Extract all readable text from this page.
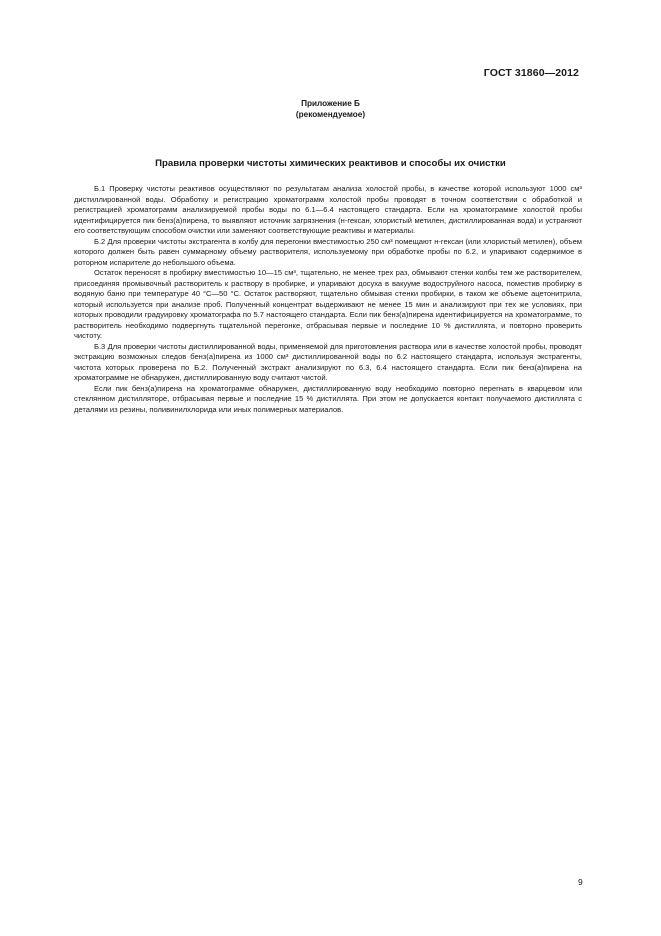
ГОСТ 31860—2012
Приложение Б
(рекомендуемое)
Правила проверки чистоты химических реактивов и способы их очистки

Б.1 Проверку чистоты реактивов осуществляют по результатам анализа холостой пробы, в качестве которой используют 1000 см³ дистиллированной воды. Обработку и регистрацию хроматограмм холостой пробы проводят в точном соответствии с обработкой и регистрацией хроматограмм анализируемой пробы воды по 6.1—6.4 настоящего стандарта. Если на хроматограмме холостой пробы идентифицируется пик бенз(а)пирена, то выявляют источник загрязнения (н-гексан, хлористый метилен, дистиллированная вода) и устраняют его соответствующим способом очистки или заменяют соответствующие реактивы и материалы.

Б.2 Для проверки чистоты экстрагента в колбу для перегонки вместимостью 250 см³ помещают н-гексан (или хлористый метилен), объем которого должен быть равен суммарному объему растворителя, используемому при обработке пробы по 6.2, и упаривают содержимое в роторном испарителе до небольшого объема.

Остаток переносят в пробирку вместимостью 10—15 см³, тщательно, не менее трех раз, обмывают стенки колбы тем же растворителем, присоединяя промывочный растворитель к раствору в пробирке, и упаривают досуха в вакууме водоструйного насоса, поместив пробирку в водяную баню при температуре 40 °С—50 °С. Остаток растворяют, тщательно обмывая стенки пробирки, в таком же объеме ацетонитрила, который используется при анализе проб. Полученный концентрат выдерживают не менее 15 мин и анализируют при тех же условиях, при которых проводили градуировку хроматографа по 5.7 настоящего стандарта. Если пик бенз(а)пирена идентифицируется на хроматограмме, то растворитель необходимо подвергнуть тщательной перегонке, отбрасывая первые и последние 10 % дистиллята, и повторно проверить чистоту.

Б.3 Для проверки чистоты дистиллированной воды, применяемой для приготовления раствора или в качестве холостой пробы, проводят экстракцию возможных следов бенз(а)пирена из 1000 см³ дистиллированной воды по 6.2 настоящего стандарта, используя экстрагенты, чистота которых проверена по Б.2. Полученный экстракт анализируют по 6.3, 6.4 настоящего стандарта. Если пик бенз(а)пирена на хроматограмме не обнаружен, дистиллированную воду считают чистой.

Если пик бенз(а)пирена на хроматограмме обнаружен, дистиллированную воду необходимо повторно перегнать в кварцевом или стеклянном дистилляторе, отбрасывая первые и последние 15 % дистиллята. При этом не допускается контакт получаемого дистиллята с деталями из резины, поливинилхлорида или иных полимерных материалов.

9
